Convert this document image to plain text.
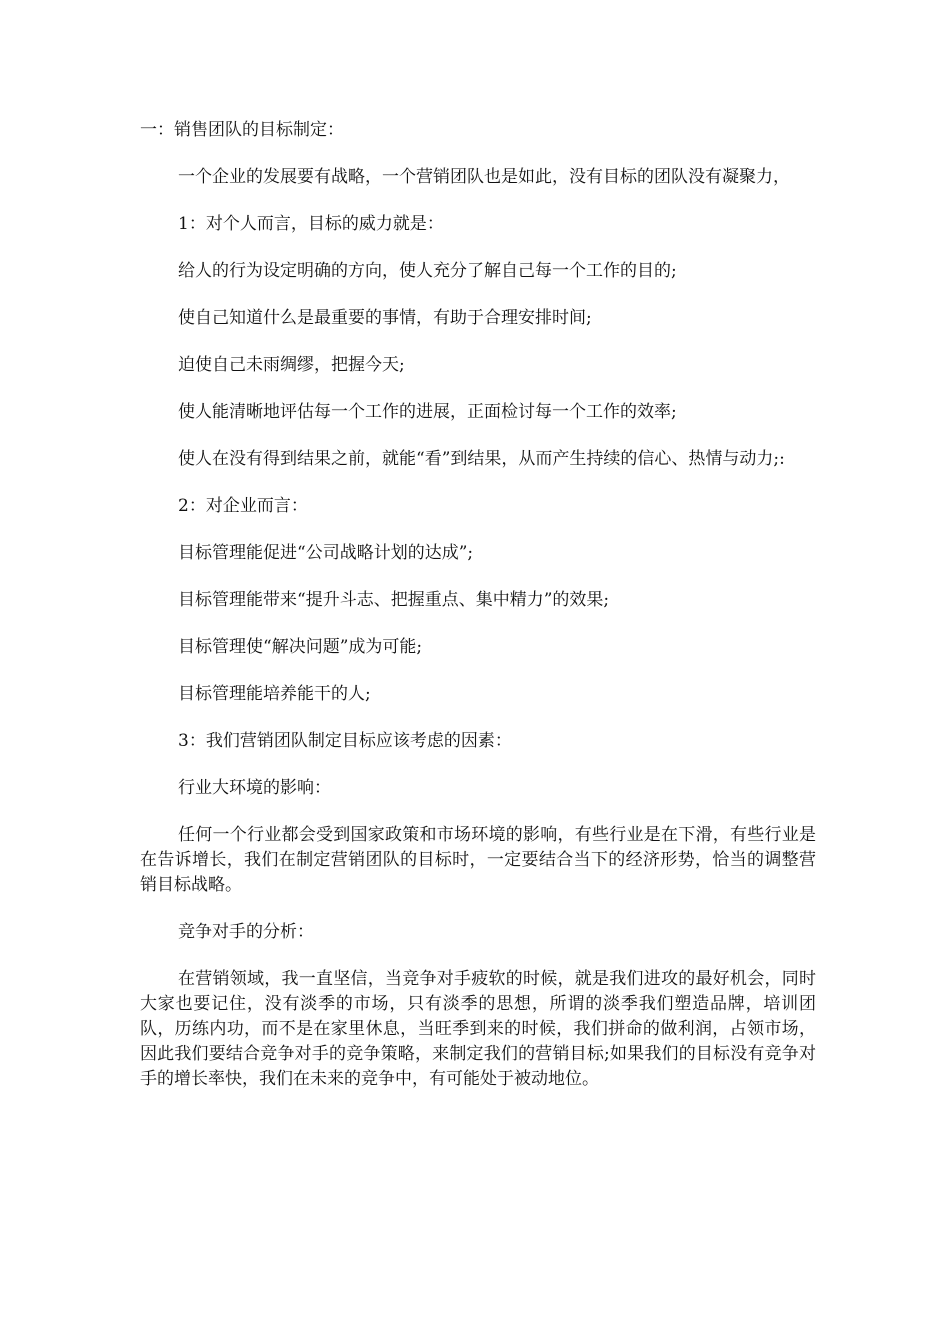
一：销售团队的目标制定：

一个企业的发展要有战略，一个营销团队也是如此，没有目标的团队没有凝聚力，

1：对个人而言，目标的威力就是：

给人的行为设定明确的方向，使人充分了解自己每一个工作的目的;

使自己知道什么是最重要的事情，有助于合理安排时间;

迫使自己未雨绸缪，把握今天;

使人能清晰地评估每一个工作的进展，正面检讨每一个工作的效率;

使人在没有得到结果之前，就能“看”到结果，从而产生持续的信心、热情与动力;:

2：对企业而言：

目标管理能促进“公司战略计划的达成”;

目标管理能带来“提升斗志、把握重点、集中精力”的效果;

目标管理使“解决问题”成为可能;

目标管理能培养能干的人;

3：我们营销团队制定目标应该考虑的因素：

行业大环境的影响：

任何一个行业都会受到国家政策和市场环境的影响，有些行业是在下滑，有些行业是在告诉增长，我们在制定营销团队的目标时，一定要结合当下的经济形势，恰当的调整营销目标战略。

竞争对手的分析：

在营销领域，我一直坚信，当竞争对手疲软的时候，就是我们进攻的最好机会，同时大家也要记住，没有淡季的市场，只有淡季的思想，所谓的淡季我们塑造品牌，培训团队，历练内功，而不是在家里休息，当旺季到来的时候，我们拼命的做利润，占领市场，因此我们要结合竞争对手的竞争策略，来制定我们的营销目标;如果我们的目标没有竞争对手的增长率快，我们在未来的竞争中，有可能处于被动地位。
